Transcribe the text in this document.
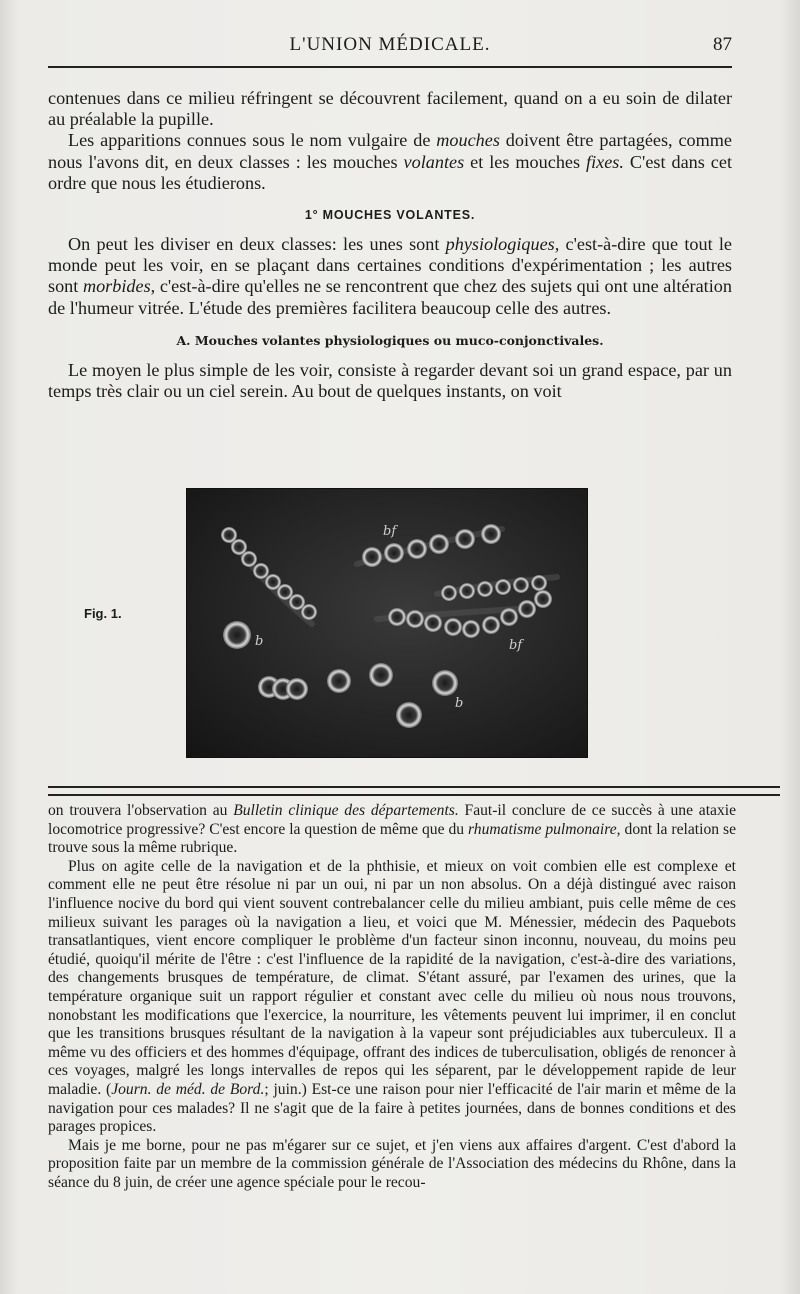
L'UNION MÉDICALE.	87

contenues dans ce milieu réfringent se découvrent facilement, quand on a eu soin de dilater au préalable la pupille.

Les apparitions connues sous le nom vulgaire de mouches doivent être partagées, comme nous l'avons dit, en deux classes : les mouches volantes et les mouches fixes. C'est dans cet ordre que nous les étudierons.

1° MOUCHES VOLANTES.

On peut les diviser en deux classes: les unes sont physiologiques, c'est-à-dire que tout le monde peut les voir, en se plaçant dans certaines conditions d'expérimentation ; les autres sont morbides, c'est-à-dire qu'elles ne se rencontrent que chez des sujets qui ont une altération de l'humeur vitrée. L'étude des premières facilitera beaucoup celle des autres.

A. Mouches volantes physiologiques ou muco-conjonctivales.

Le moyen le plus simple de les voir, consiste à regarder devant soi un grand espace, par un temps très clair ou un ciel serein. Au bout de quelques instants, on voit

Fig. 1.
bf
bf
b
b

on trouvera l'observation au Bulletin clinique des départements. Faut-il conclure de ce succès à une ataxie locomotrice progressive? C'est encore la question de même que du rhumatisme pulmonaire, dont la relation se trouve sous la même rubrique.

Plus on agite celle de la navigation et de la phthisie, et mieux on voit combien elle est complexe et comment elle ne peut être résolue ni par un oui, ni par un non absolus. On a déjà distingué avec raison l'influence nocive du bord qui vient souvent contrebalancer celle du milieu ambiant, puis celle même de ces milieux suivant les parages où la navigation a lieu, et voici que M. Ménessier, médecin des Paquebots transatlantiques, vient encore compliquer le problème d'un facteur sinon inconnu, nouveau, du moins peu étudié, quoiqu'il mérite de l'être : c'est l'influence de la rapidité de la navigation, c'est-à-dire des variations, des changements brusques de température, de climat. S'étant assuré, par l'examen des urines, que la température organique suit un rapport régulier et constant avec celle du milieu où nous nous trouvons, nonobstant les modifications que l'exercice, la nourriture, les vêtements peuvent lui imprimer, il en conclut que les transitions brusques résultant de la navigation à la vapeur sont préjudiciables aux tuberculeux. Il a même vu des officiers et des hommes d'équipage, offrant des indices de tuberculisation, obligés de renoncer à ces voyages, malgré les longs intervalles de repos qui les séparent, par le développement rapide de leur maladie. (Journ. de méd. de Bord.; juin.) Est-ce une raison pour nier l'efficacité de l'air marin et même de la navigation pour ces malades? Il ne s'agit que de la faire à petites journées, dans de bonnes conditions et des parages propices.

Mais je me borne, pour ne pas m'égarer sur ce sujet, et j'en viens aux affaires d'argent. C'est d'abord la proposition faite par un membre de la commission générale de l'Association des médecins du Rhône, dans la séance du 8 juin, de créer une agence spéciale pour le recou-
